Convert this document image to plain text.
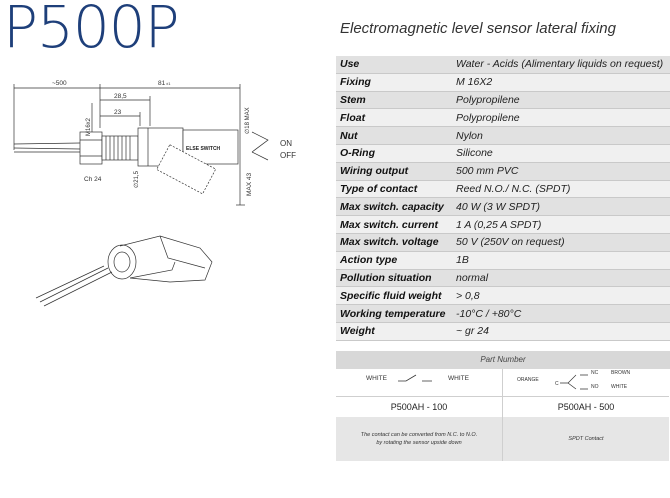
P500P	Electromagnetic level sensor lateral fixing
~500	81 ±1
28,5
23
M16x2
Ch 24	∅21,5
∅18 MAX
MAX 43
ON
OFF
ELSE SWITCH
Use	Water - Acids (Alimentary liquids on request)
Fixing	M 16X2
Stem	Polypropilene
Float	Polypropilene
Nut	Nylon
O-Ring	Silicone
Wiring output	500 mm PVC
Type of contact	Reed N.O./ N.C. (SPDT)
Max switch. capacity	40 W (3 W SPDT)
Max switch. current	1 A (0,25 A SPDT)
Max switch. voltage	50 V (250V on request)
Action type	1B
Pollution situation	normal
Specific fluid weight	> 0,8
Working temperature	-10°C / +80°C
Weight	~ gr 24
Part Number
WHITE	WHITE	ORANGE
C
NC	BROWN
NO	WHITE
P500AH - 100	P500AH - 500
The contact can be converted from N.C. to N.O.
by rotating the sensor upside down
SPDT Contact
